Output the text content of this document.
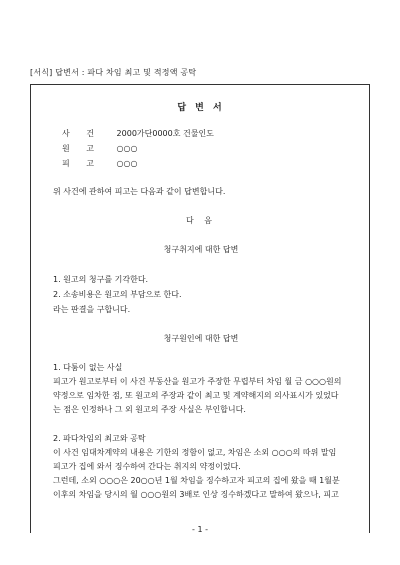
[서식] 답변서 : 파다 차임 최고 및 적정액 공탁
답 변 서
사 건 2000가단0000호 건물인도
원 고 ○○○
피 고 ○○○
위 사건에 관하여 피고는 다음과 같이 답변합니다.
다 음
청구취지에 대한 답변
1. 원고의 청구를 기각한다.
2. 소송비용은 원고의 부담으로 한다.
라는 판결을 구합니다.
청구원인에 대한 답변
1. 다툼이 없는 사실
피고가 원고로부터 이 사건 부동산을 원고가 주장한 무렵부터 차임 월 금 ○○○원의
약정으로 임차한 점, 또 원고의 주장과 같이 최고 및 계약해지의 의사표시가 있었다
는 점은 인정하나 그 외 원고의 주장 사실은 부인합니다.
2. 파다차임의 최고와 공탁
이 사건 임대차계약의 내용은 기한의 정함이 없고, 차임은 소외 ○○○의 따위 말임
피고가 집에 와서 징수하여 간다는 취지의 약정이었다.
그런데, 소외 ○○○은 20○○년 1월 차임을 징수하고자 피고의 집에 왔을 때 1월분
이후의 차임을 당시의 월 ○○○원의 3배로 인상 징수하겠다고 말하여 왔으나, 피고
- 1 -
